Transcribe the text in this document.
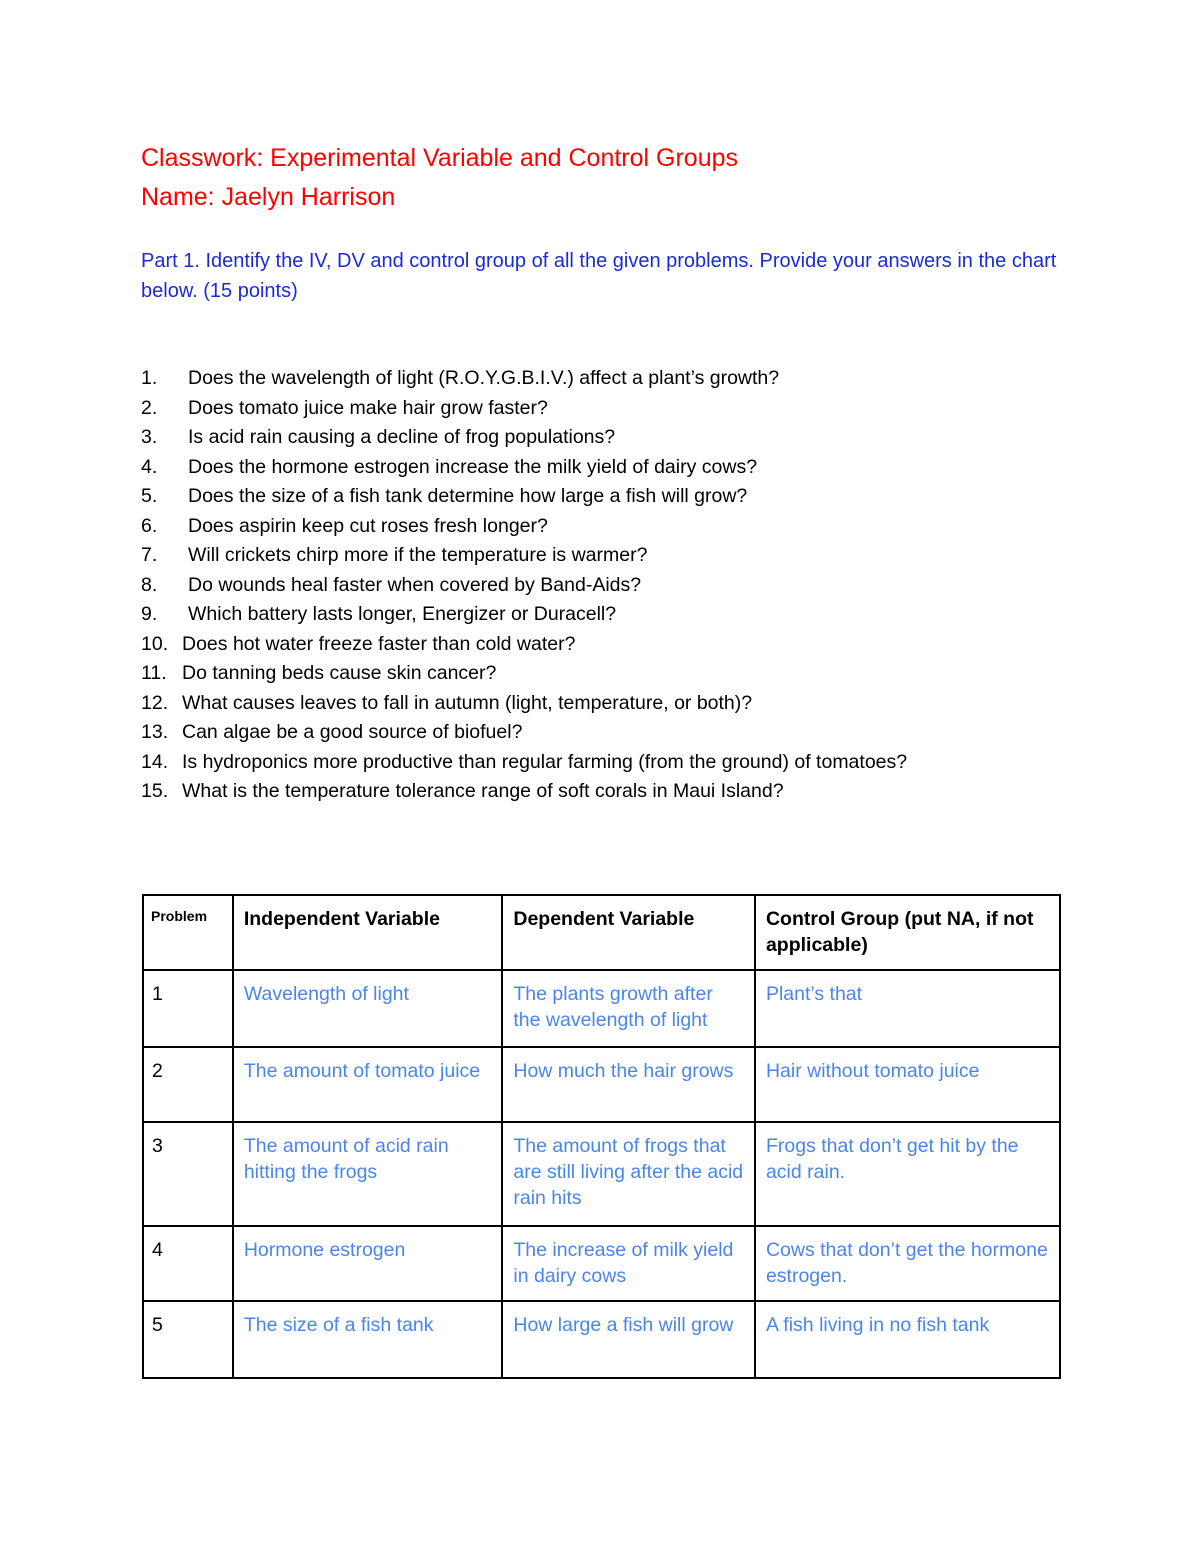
Classwork: Experimental Variable and Control Groups
Name: Jaelyn Harrison
Part 1. Identify the IV, DV and control group of all the given problems. Provide your answers in the chart below. (15 points)
1. Does the wavelength of light (R.O.Y.G.B.I.V.) affect a plant’s growth?
2. Does tomato juice make hair grow faster?
3. Is acid rain causing a decline of frog populations?
4. Does the hormone estrogen increase the milk yield of dairy cows?
5. Does the size of a fish tank determine how large a fish will grow?
6. Does aspirin keep cut roses fresh longer?
7. Will crickets chirp more if the temperature is warmer?
8. Do wounds heal faster when covered by Band-Aids?
9. Which battery lasts longer, Energizer or Duracell?
10. Does hot water freeze faster than cold water?
11. Do tanning beds cause skin cancer?
12. What causes leaves to fall in autumn (light, temperature, or both)?
13. Can algae be a good source of biofuel?
14. Is hydroponics more productive than regular farming (from the ground) of tomatoes?
15. What is the temperature tolerance range of soft corals in Maui Island?
Problem	Independent Variable	Dependent Variable	Control Group (put NA, if not applicable)
1	Wavelength of light	The plants growth after the wavelength of light	Plant’s that
2	The amount of tomato juice	How much the hair grows	Hair without tomato juice
3	The amount of acid rain hitting the frogs	The amount of frogs that are still living after the acid rain hits	Frogs that don’t get hit by the acid rain.
4	Hormone estrogen	The increase of milk yield in dairy cows	Cows that don’t get the hormone estrogen.
5	The size of a fish tank	How large a fish will grow	A fish living in no fish tank
